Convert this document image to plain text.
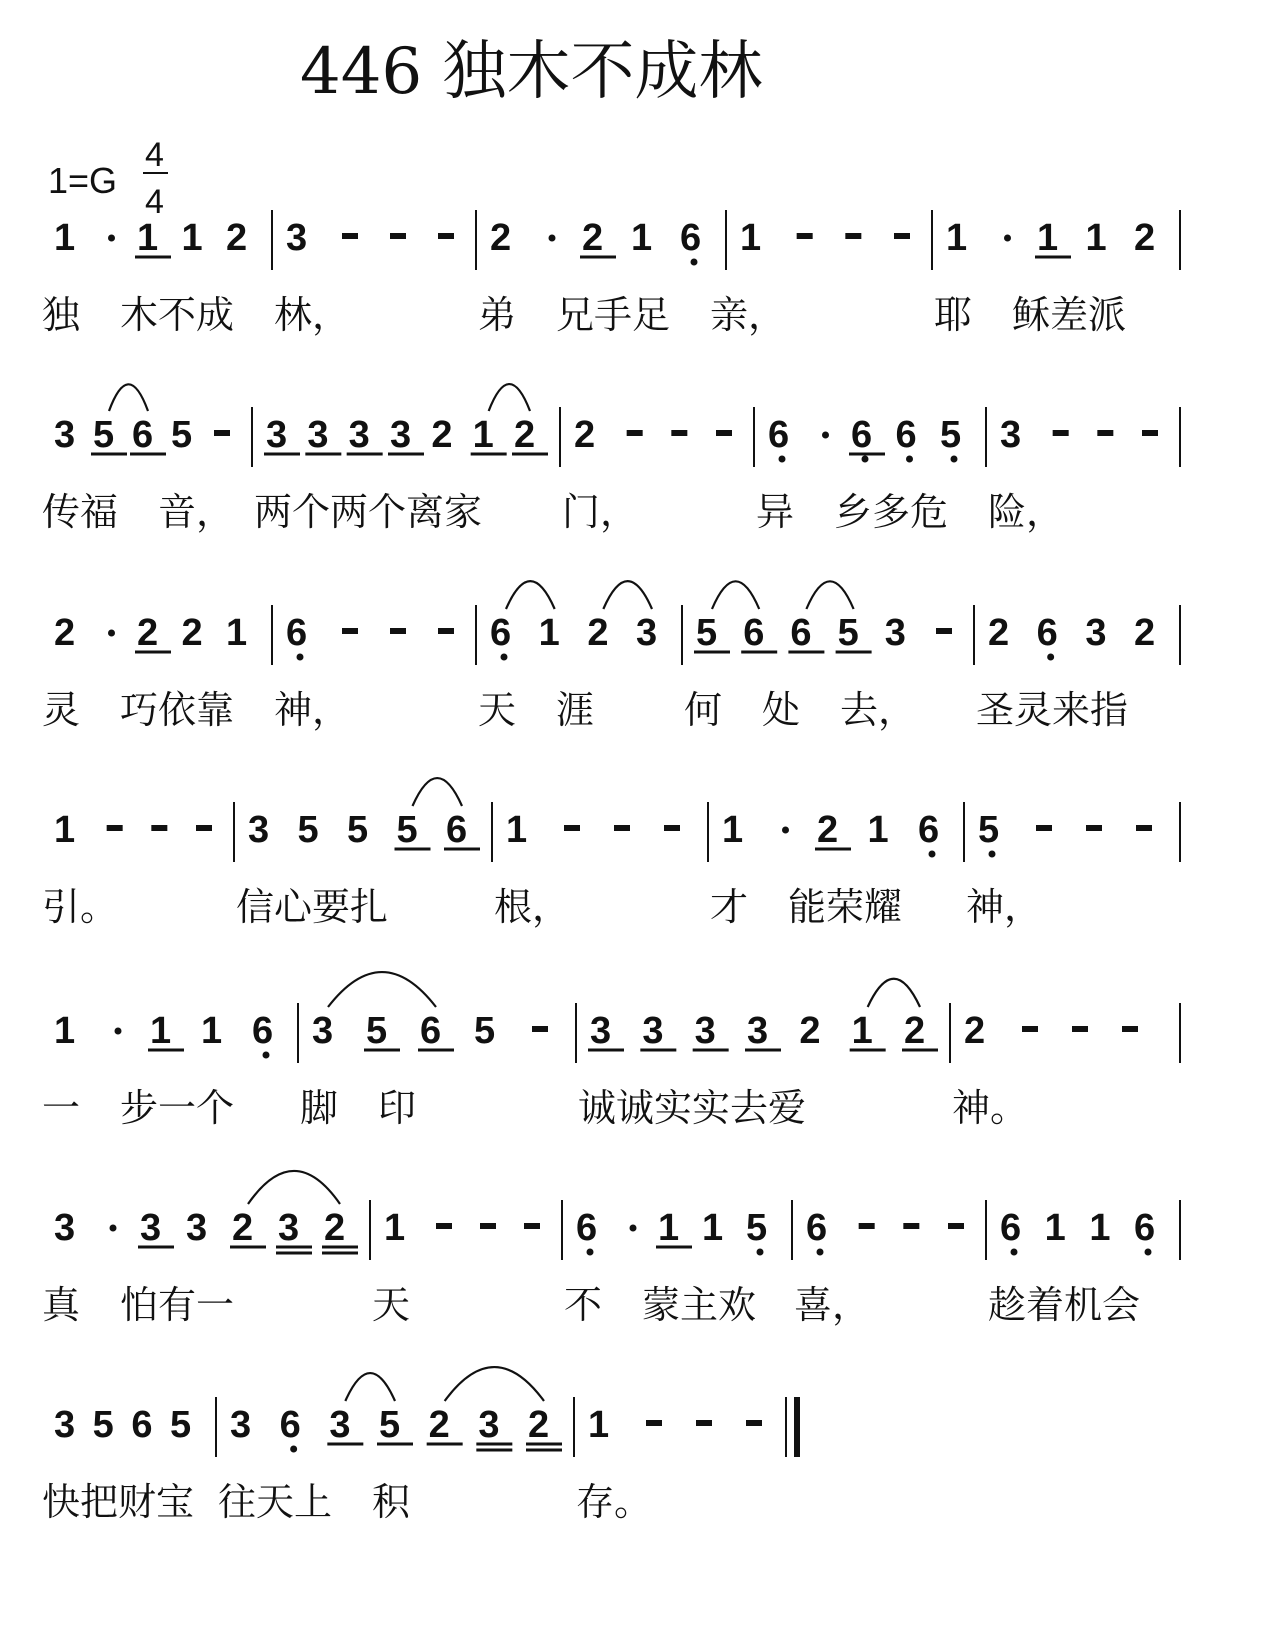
446 独木不成林
1=G
4
4
1 1 1 2
独 木不成 林，
3	2 2 1 6
弟 兄手足 亲，
1	1 1 1 2
耶 稣差派
3 5 6 5
传福 音，
3 3 3 3 2 1 2
两个两个离家
2
门，
6 6 6 5
异 乡多危
3
险，
2 2 2 1
灵 巧依靠 神，
6	6 1 2 3
天 涯
5 6 6 5 3
何 处 去，
2 6 3 2
圣灵来指
1
引。
3 5 5 5 6
信心要扎
1
根，
1 2 1 6
才 能荣耀
5
神，
1 1 1 6
一 步一个
3 5 6 5
脚 印
3 3 3 3 2 1 2
诚诚实实去爱
2
神。
3 3 3 2 3 2
真 怕有一
1
天
6 1 1 5
不 蒙主欢
6
喜，
6 1 1 6
趁着机会
3 5 6 5
快把财宝
3 6 3 5 2 3 2
往天上 积
1
存。
